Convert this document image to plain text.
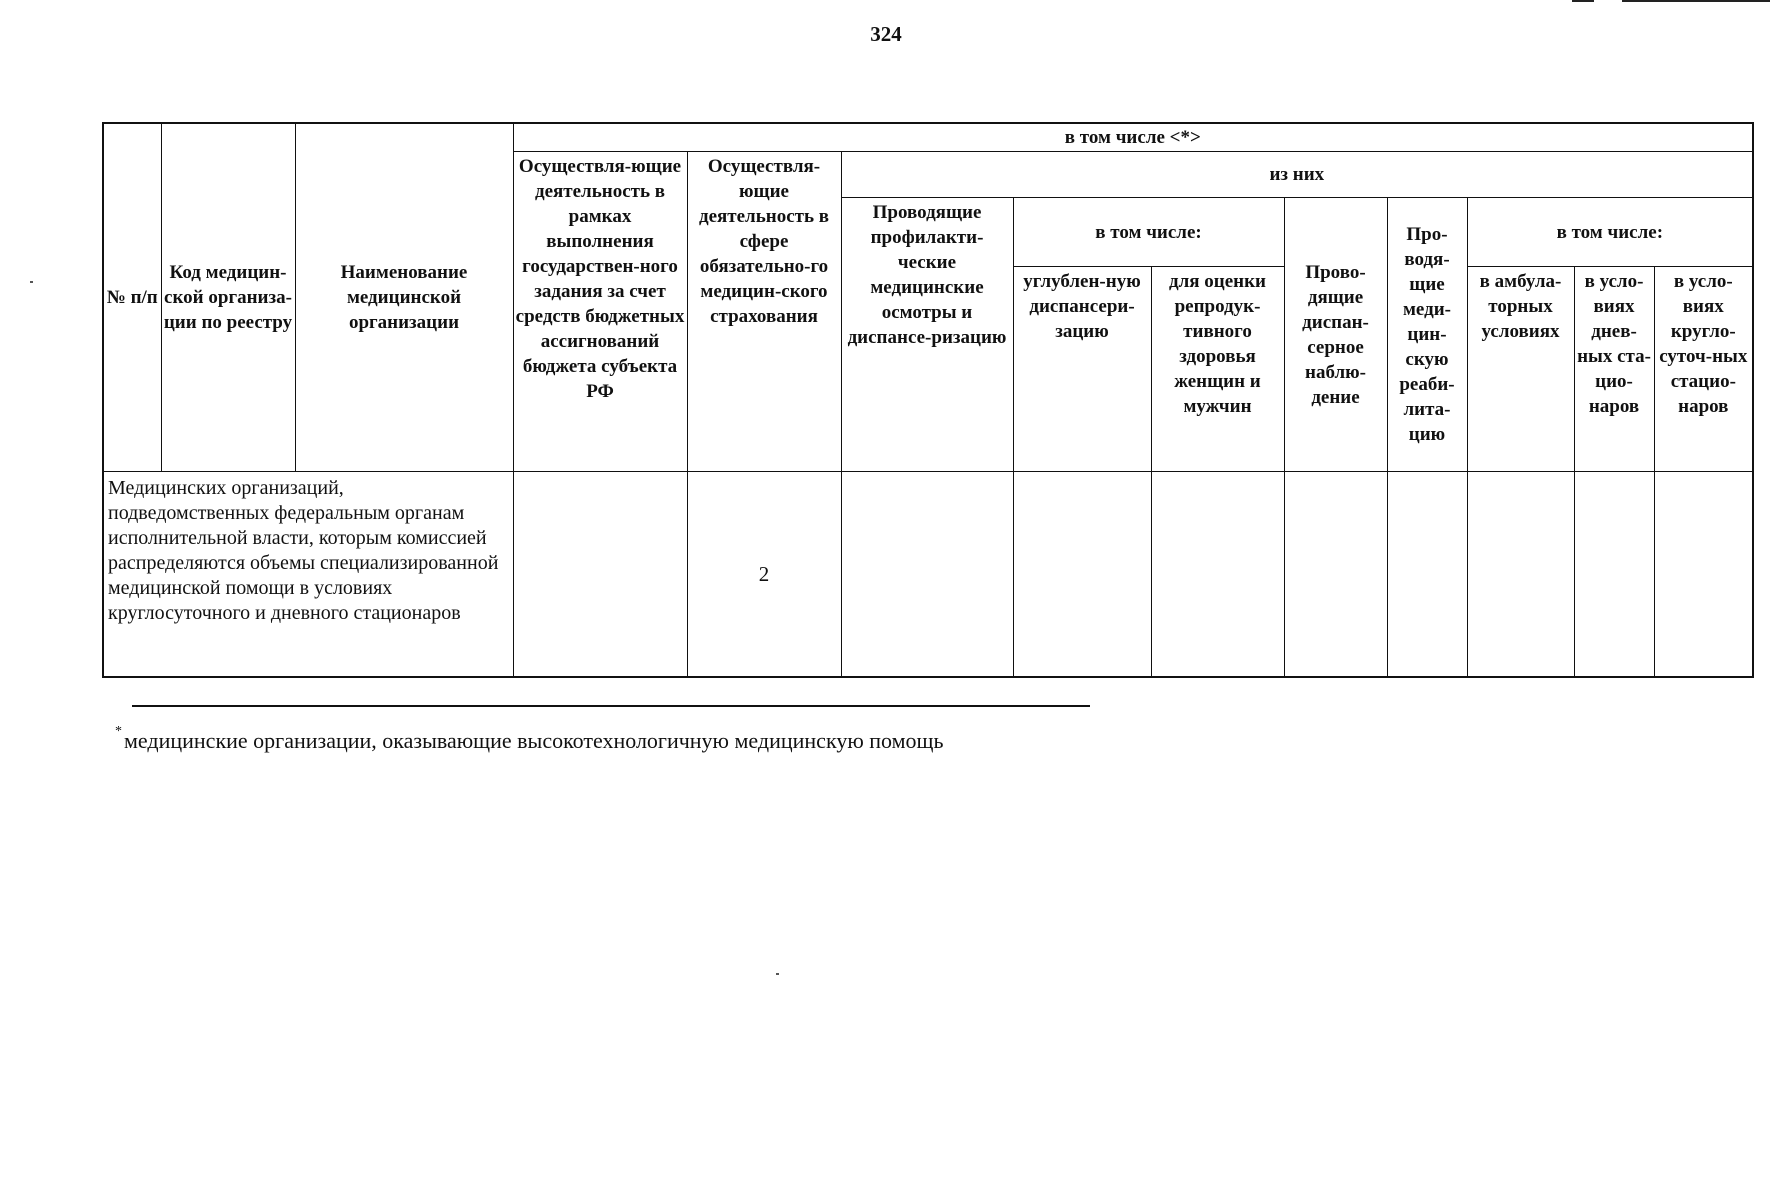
324
№ п/п	Код медицин-ской организа-ции по реестру	Наименование медицинской организации	в том числе <*>									
			Осуществля-ющие деятельность в рамках выполнения государствен-ного задания за счет средств бюджетных ассигнований бюджета субъекта РФ	Осуществля-ющие деятельность в сфере обязательно-го медицин-ского страхования	из них							
					Проводящие профилакти-ческие медицинские осмотры и диспансе-ризацию	в том числе:		Прово-дящие диспан-серное наблю-дение	Про-водя-щие меди-цин-скую реаби-лита-цию	в том числе:		
						углублен-ную диспансери-зацию	для оценки репродук-тивного здоровья женщин и мужчин			в амбула-торных условиях	в усло-виях днев-ных ста-цио-наров	в усло-виях кругло-суточ-ных стацио-наров
Медицинских организаций, подведомственных федеральным органам исполнительной власти, которым комиссией распределяются объемы специализированной медицинской помощи в условиях круглосуточного и дневного стационаров				2								
*медицинские организации, оказывающие высокотехнологичную медицинскую помощь
